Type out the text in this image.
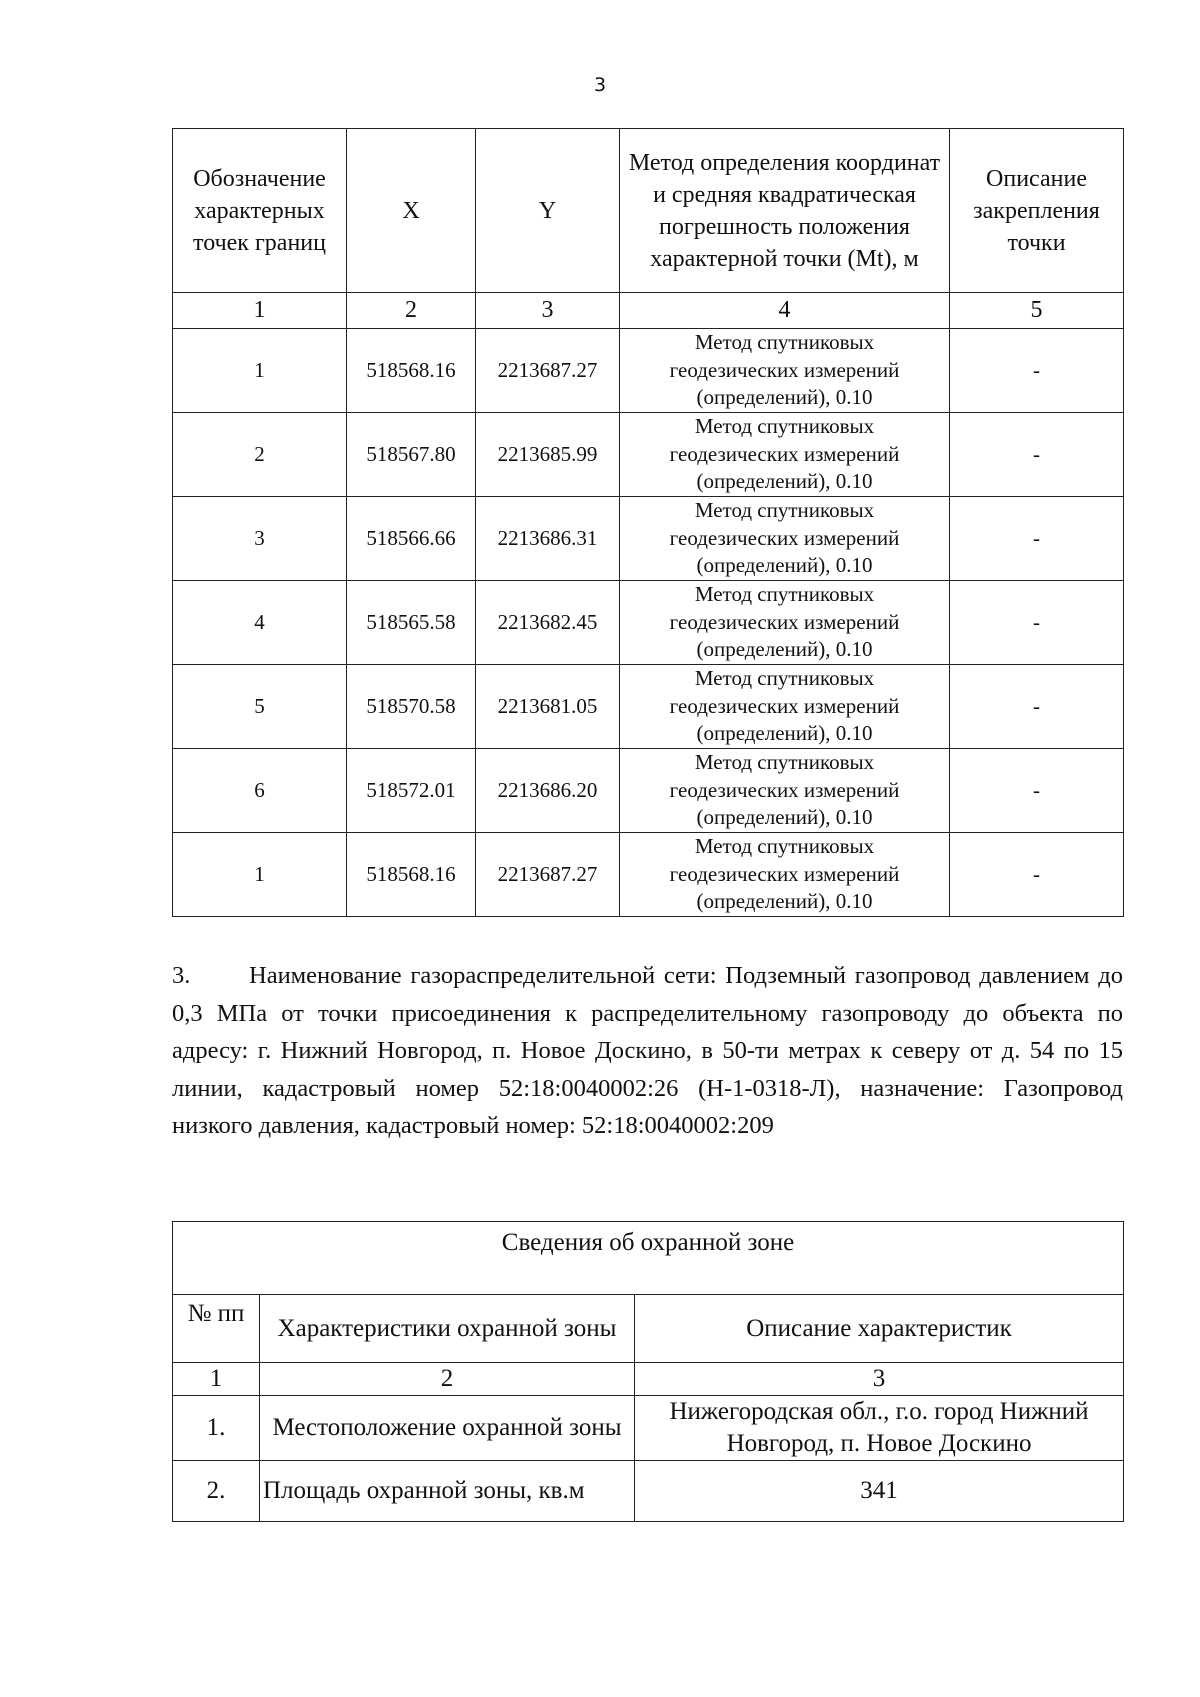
3
Обозначение характерных точек границ	X	Y	Метод определения координат и средняя квадратическая погрешность положения характерной точки (Mt), м	Описание закрепления точки
1	2	3	4	5
1	518568.16	2213687.27	Метод спутниковых
геодезических измерений
(определений), 0.10	-
2	518567.80	2213685.99	Метод спутниковых
геодезических измерений
(определений), 0.10	-
3	518566.66	2213686.31	Метод спутниковых
геодезических измерений
(определений), 0.10	-
4	518565.58	2213682.45	Метод спутниковых
геодезических измерений
(определений), 0.10	-
5	518570.58	2213681.05	Метод спутниковых
геодезических измерений
(определений), 0.10	-
6	518572.01	2213686.20	Метод спутниковых
геодезических измерений
(определений), 0.10	-
1	518568.16	2213687.27	Метод спутниковых
геодезических измерений
(определений), 0.10	-

3. Наименование газораспределительной сети: Подземный газопровод давлением до 0,3 МПа от точки присоединения к распределительному газопроводу до объекта по адресу: г. Нижний Новгород, п. Новое Доскино, в 50-ти метрах к северу от д. 54 по 15 линии, кадастровый номер 52:18:0040002:26 (Н-1-0318-Л), назначение: Газопровод низкого давления, кадастровый номер: 52:18:0040002:209

Сведения об охранной зоне		
№ пп	Характеристики охранной зоны	Описание характеристик
1	2	3
1.	Местоположение охранной зоны	Нижегородская обл., г.о. город Нижний Новгород, п. Новое Доскино
2.	Площадь охранной зоны, кв.м	341
